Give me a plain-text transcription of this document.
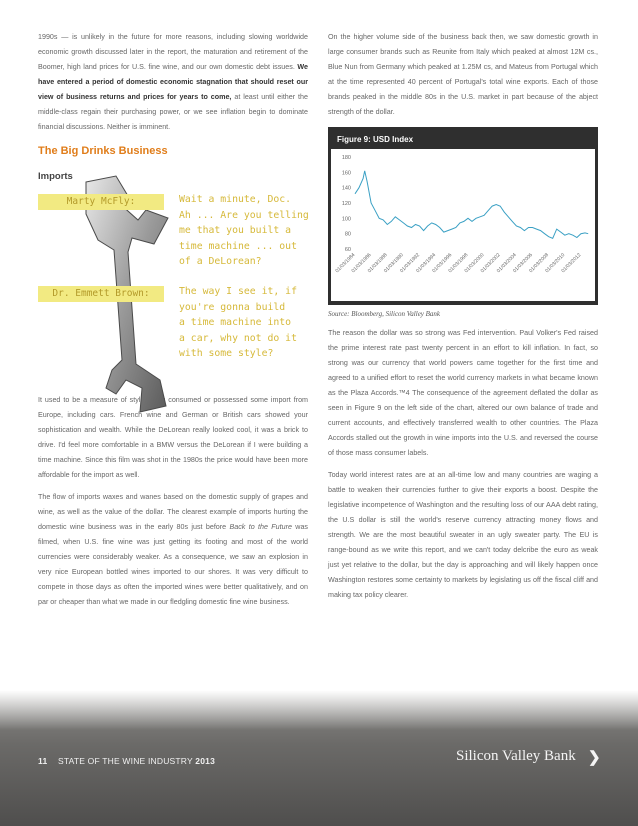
1990s — is unlikely in the future for more reasons, including slowing worldwide economic growth discussed later in the report, the maturation and retirement of the Boomer, high land prices for U.S. fine wine, and our own domestic debt issues. We have entered a period of domestic economic stagnation that should reset our view of business returns and prices for years to come, at least until either the middle-class regain their purchasing power, or we see inflation begin to dominate financial discussions. Neither is imminent.

The Big Drinks Business
Imports
Marty McFly:	Wait a minute, Doc.
Ah ... Are you telling
me that you built a
time machine ... out
of a DeLorean?
Dr. Emmett Brown:	The way I see it, if
you're gonna build
a time machine into
a car, why not do it
with some style?

It used to be a measure of style if you consumed or possessed some import from Europe, including cars. French wine and German or British cars showed your sophistication and wealth. While the DeLorean really looked cool, it was a brick to drive. I'd feel more comfortable in a BMW versus the DeLorean if I were building a time machine. Since this film was shot in the 1980s the price would have been more affordable for the import as well.

The flow of imports waxes and wanes based on the domestic supply of grapes and wine, as well as the value of the dollar. The clearest example of imports hurting the domestic wine business was in the early 80s just before Back to the Future was filmed, when U.S. fine wine was just getting its footing and most of the world currencies were considerably weaker. As a consequence, we saw an explosion in very nice European bottled wines imported to our shores. It was very difficult to compete in those days as often the imported wines were better qualitatively, and on par or cheaper than what we made in our fledgling domestic fine wine business.

On the higher volume side of the business back then, we saw domestic growth in large consumer brands such as Reunite from Italy which peaked at almost 12M cs., Blue Nun from Germany which peaked at 1.25M cs, and Mateus from Portugal which at the time represented 40 percent of Portugal's total wine exports. Each of those brands peaked in the middle 80s in the U.S. market in part because of the abject strength of the dollar.

Figure 9: USD Index
60
80
100
120
140
160
180
01/03/1984
01/03/1986
01/03/1988
01/03/1990
01/03/1992
01/03/1994
01/03/1996
01/03/1998
01/03/2000
01/03/2002
01/03/2004
01/03/2006
01/03/2008
01/03/2010
01/03/2012
Source: Bloomberg, Silicon Valley Bank

The reason the dollar was so strong was Fed intervention. Paul Volker's Fed raised the prime interest rate past twenty percent in an effort to kill inflation. In fact, so strong was our currency that world powers came together for the first time and agreed to a unified effort to reset the world currency markets in what became known as the Plaza Accords.™4 The consequence of the agreement deflated the dollar as seen in Figure 9 on the left side of the chart, altered our own balance of trade and current accounts, and effectively transferred wealth to other countries. The Plaza Accords stalled out the growth in wine imports into the U.S. and reversed the course of those mass consumer labels.

Today world interest rates are at an all-time low and many countries are waging a battle to weaken their currencies further to give their exports a boost. Despite the legislative incompetence of Washington and the resulting loss of our AAA debt rating, the U.S dollar is still the world's reserve currency attracting money flows and strength. We are the most beautiful sweater in an ugly sweater party. The EU is range-bound as we write this report, and we can't today delcribe the euro as weak just yet relative to the dollar, but the day is approaching and will likely happen once Washington restores some certainty to markets by legislating us off the fiscal cliff and making tax policy clearer.

11 STATE OF THE WINE INDUSTRY 2013	Silicon Valley Bank ❯
